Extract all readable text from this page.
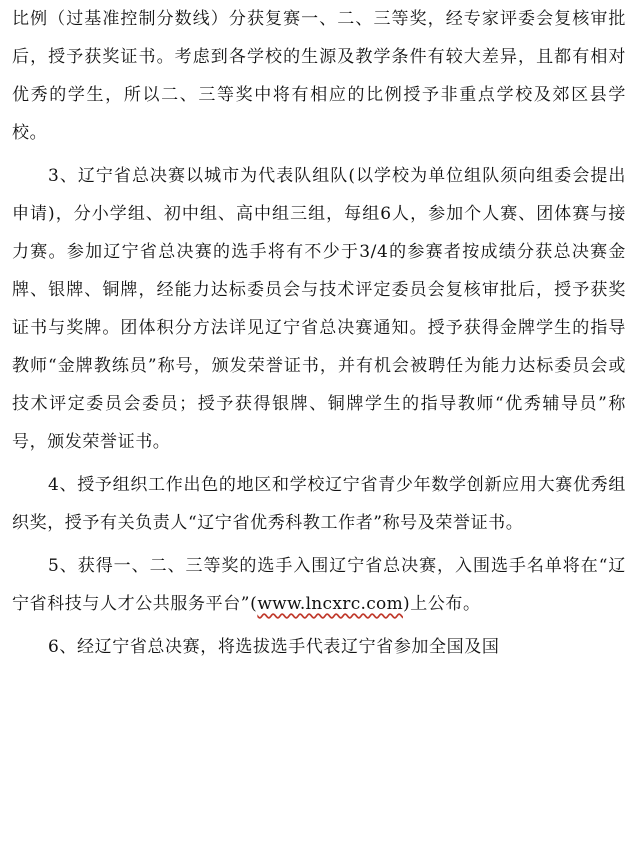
比例（过基准控制分数线）分获复赛一、二、三等奖，经专家评委会复核审批后，授予获奖证书。考虑到各学校的生源及教学条件有较大差异，且都有相对优秀的学生，所以二、三等奖中将有相应的比例授予非重点学校及郊区县学校。

3、辽宁省总决赛以城市为代表队组队(以学校为单位组队须向组委会提出申请)，分小学组、初中组、高中组三组，每组6人，参加个人赛、团体赛与接力赛。参加辽宁省总决赛的选手将有不少于3/4的参赛者按成绩分获总决赛金牌、银牌、铜牌，经能力达标委员会与技术评定委员会复核审批后，授予获奖证书与奖牌。团体积分方法详见辽宁省总决赛通知。授予获得金牌学生的指导教师“金牌教练员”称号，颁发荣誉证书，并有机会被聘任为能力达标委员会或技术评定委员会委员；授予获得银牌、铜牌学生的指导教师“优秀辅导员”称号，颁发荣誉证书。

4、授予组织工作出色的地区和学校辽宁省青少年数学创新应用大赛优秀组织奖，授予有关负责人“辽宁省优秀科教工作者”称号及荣誉证书。

5、获得一、二、三等奖的选手入围辽宁省总决赛，入围选手名单将在“辽宁省科技与人才公共服务平台”(www.lncxrc.com)上公布。

6、经辽宁省总决赛，将选拔选手代表辽宁省参加全国及国
